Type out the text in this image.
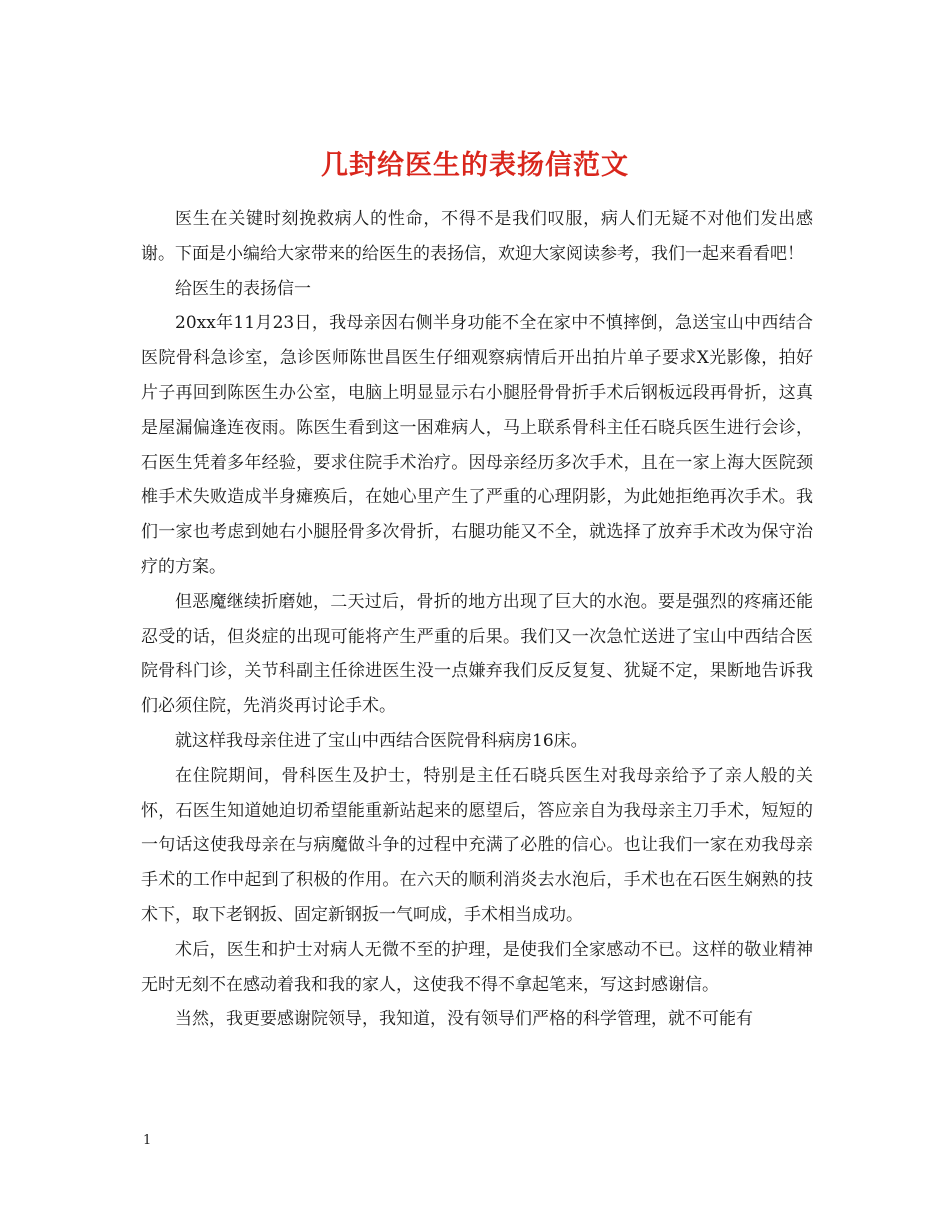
几封给医生的表扬信范文

医生在关键时刻挽救病人的性命，不得不是我们叹服，病人们无疑不对他们发出感谢。下面是小编给大家带来的给医生的表扬信，欢迎大家阅读参考，我们一起来看看吧！

给医生的表扬信一

20xx年11月23日，我母亲因右侧半身功能不全在家中不慎摔倒，急送宝山中西结合医院骨科急诊室，急诊医师陈世昌医生仔细观察病情后开出拍片单子要求X光影像，拍好片子再回到陈医生办公室，电脑上明显显示右小腿胫骨骨折手术后钢板远段再骨折，这真是屋漏偏逢连夜雨。陈医生看到这一困难病人，马上联系骨科主任石晓兵医生进行会诊，石医生凭着多年经验，要求住院手术治疗。因母亲经历多次手术，且在一家上海大医院颈椎手术失败造成半身瘫痪后，在她心里产生了严重的心理阴影，为此她拒绝再次手术。我们一家也考虑到她右小腿胫骨多次骨折，右腿功能又不全，就选择了放弃手术改为保守治疗的方案。

但恶魔继续折磨她，二天过后，骨折的地方出现了巨大的水泡。要是强烈的疼痛还能忍受的话，但炎症的出现可能将产生严重的后果。我们又一次急忙送进了宝山中西结合医院骨科门诊，关节科副主任徐进医生没一点嫌弃我们反反复复、犹疑不定，果断地告诉我们必须住院，先消炎再讨论手术。

就这样我母亲住进了宝山中西结合医院骨科病房16床。

在住院期间，骨科医生及护士，特别是主任石晓兵医生对我母亲给予了亲人般的关怀，石医生知道她迫切希望能重新站起来的愿望后，答应亲自为我母亲主刀手术，短短的一句话这使我母亲在与病魔做斗争的过程中充满了必胜的信心。也让我们一家在劝我母亲手术的工作中起到了积极的作用。在六天的顺利消炎去水泡后，手术也在石医生娴熟的技术下，取下老钢扳、固定新钢扳一气呵成，手术相当成功。

术后，医生和护士对病人无微不至的护理，是使我们全家感动不已。这样的敬业精神无时无刻不在感动着我和我的家人，这使我不得不拿起笔来，写这封感谢信。

当然，我更要感谢院领导，我知道，没有领导们严格的科学管理，就不可能有

1
